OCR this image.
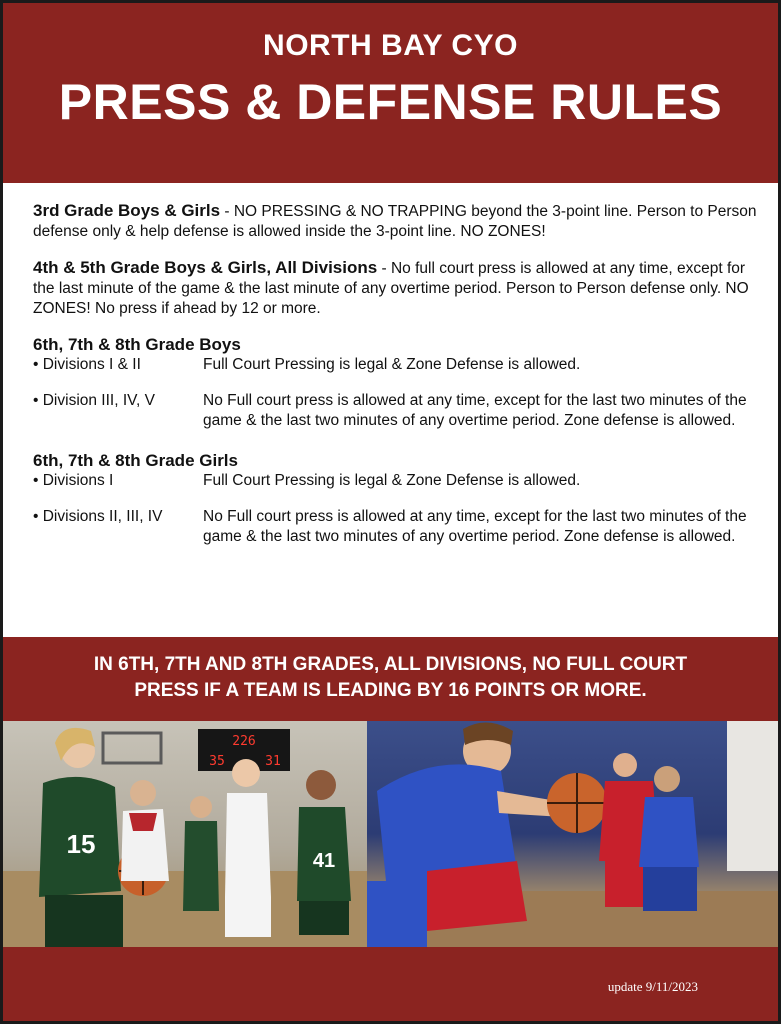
NORTH BAY CYO
PRESS & DEFENSE RULES

3rd Grade Boys & Girls - NO PRESSING & NO TRAPPING beyond the 3-point line. Person to Person defense only & help defense is allowed inside the 3-point line. NO ZONES!

4th & 5th Grade Boys & Girls, All Divisions - No full court press is allowed at any time, except for the last minute of the game & the last minute of any overtime period. Person to Person defense only. NO ZONES! No press if ahead by 12 or more.

6th, 7th & 8th Grade Boys

• Divisions I & II	Full Court Pressing is legal & Zone Defense is allowed.
• Division III, IV, V	No Full court press is allowed at any time, except for the last two minutes of the game & the last two minutes of any overtime period. Zone defense is allowed.

6th, 7th & 8th Grade Girls

• Divisions I	Full Court Pressing is legal & Zone Defense is allowed.
• Divisions II, III, IV	No Full court press is allowed at any time, except for the last two minutes of the game & the last two minutes of any overtime period. Zone defense is allowed.
IN 6TH, 7TH AND 8TH GRADES, ALL DIVISIONS, NO FULL COURT
PRESS IF A TEAM IS LEADING BY 16 POINTS OR MORE.
226
35	31
15
41
update 9/11/2023
